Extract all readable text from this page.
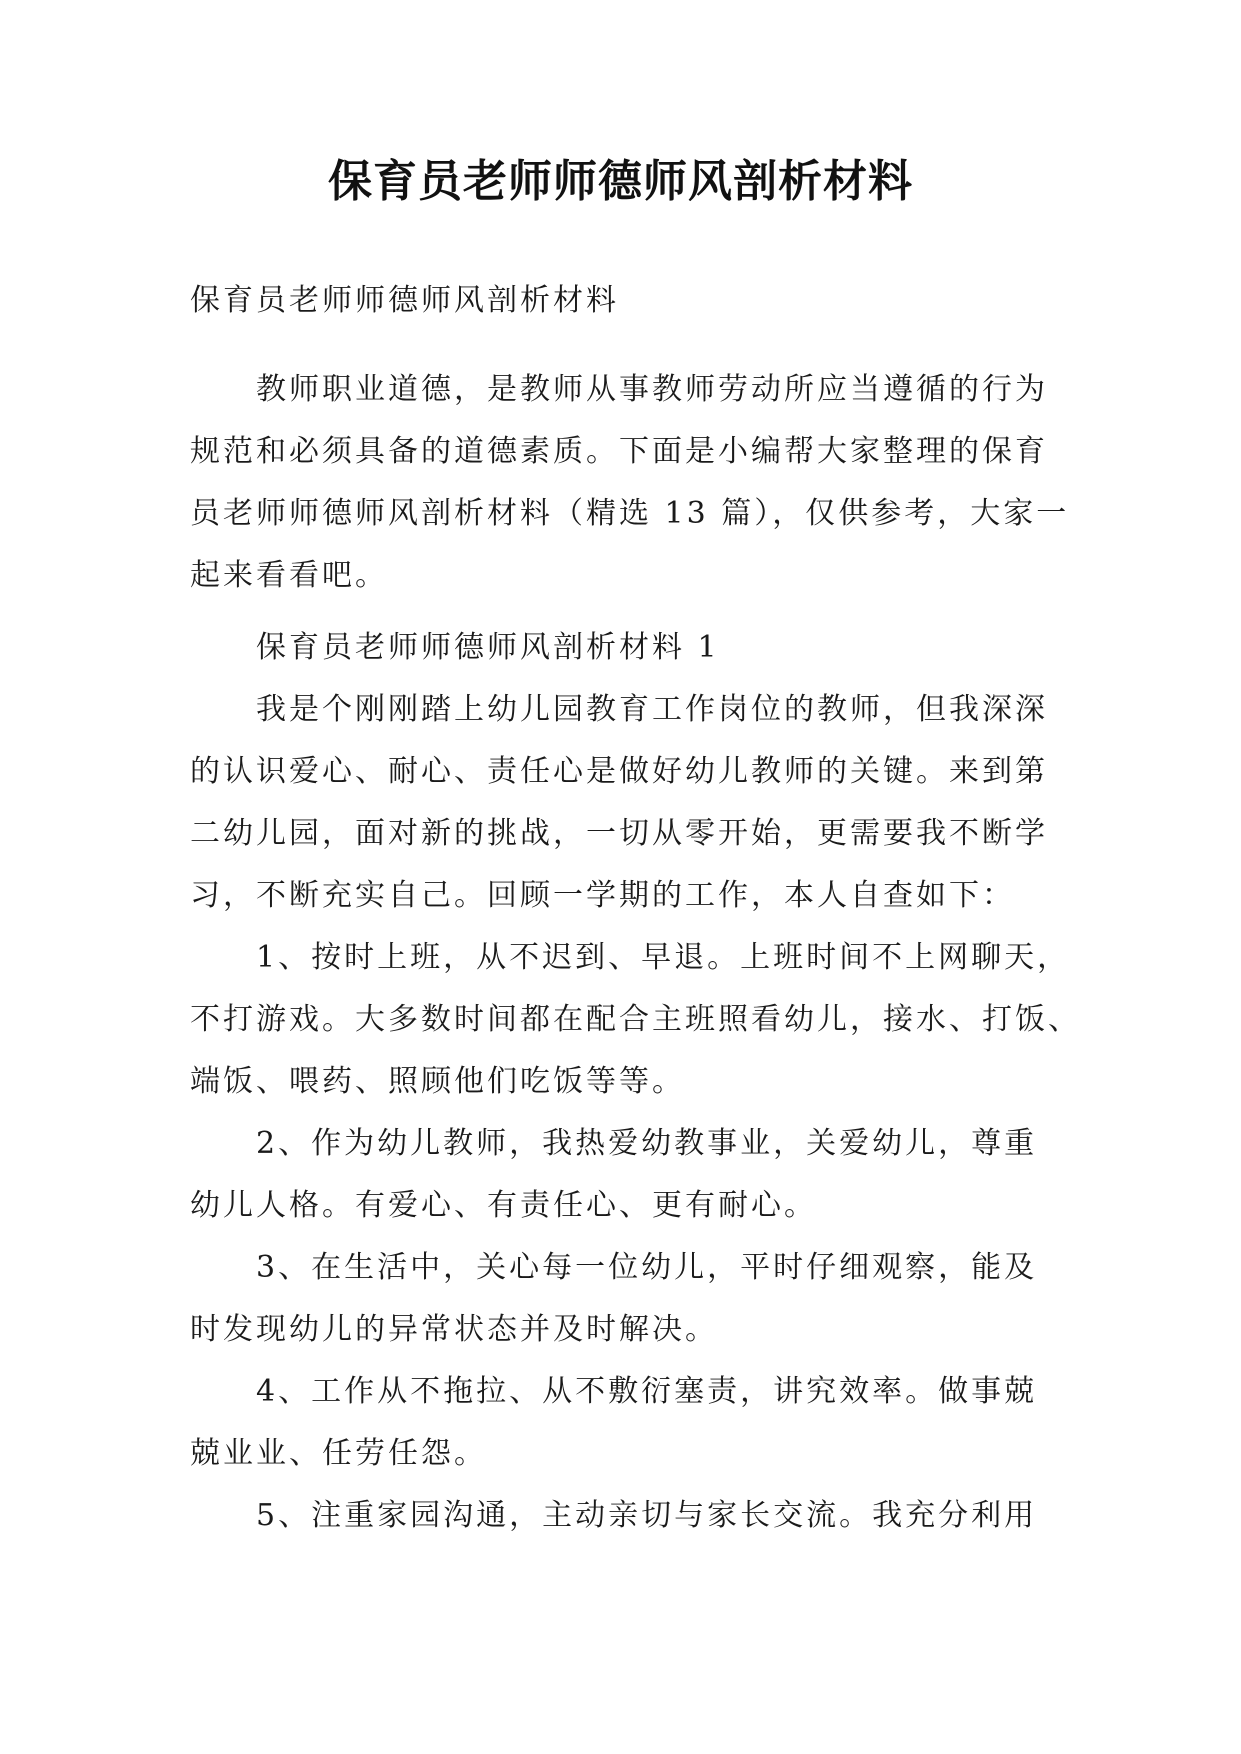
保育员老师师德师风剖析材料
保育员老师师德师风剖析材料
教师职业道德，是教师从事教师劳动所应当遵循的行为
规范和必须具备的道德素质。下面是小编帮大家整理的保育
员老师师德师风剖析材料（精选 13 篇），仅供参考，大家一
起来看看吧。
保育员老师师德师风剖析材料 1
我是个刚刚踏上幼儿园教育工作岗位的教师，但我深深
的认识爱心、耐心、责任心是做好幼儿教师的关键。来到第
二幼儿园，面对新的挑战，一切从零开始，更需要我不断学
习，不断充实自己。回顾一学期的工作，本人自查如下：
1、按时上班，从不迟到、早退。上班时间不上网聊天，
不打游戏。大多数时间都在配合主班照看幼儿，接水、打饭、
端饭、喂药、照顾他们吃饭等等。
2、作为幼儿教师，我热爱幼教事业，关爱幼儿，尊重
幼儿人格。有爱心、有责任心、更有耐心。
3、在生活中，关心每一位幼儿，平时仔细观察，能及
时发现幼儿的异常状态并及时解决。
4、工作从不拖拉、从不敷衍塞责，讲究效率。做事兢
兢业业、任劳任怨。
5、注重家园沟通，主动亲切与家长交流。我充分利用
